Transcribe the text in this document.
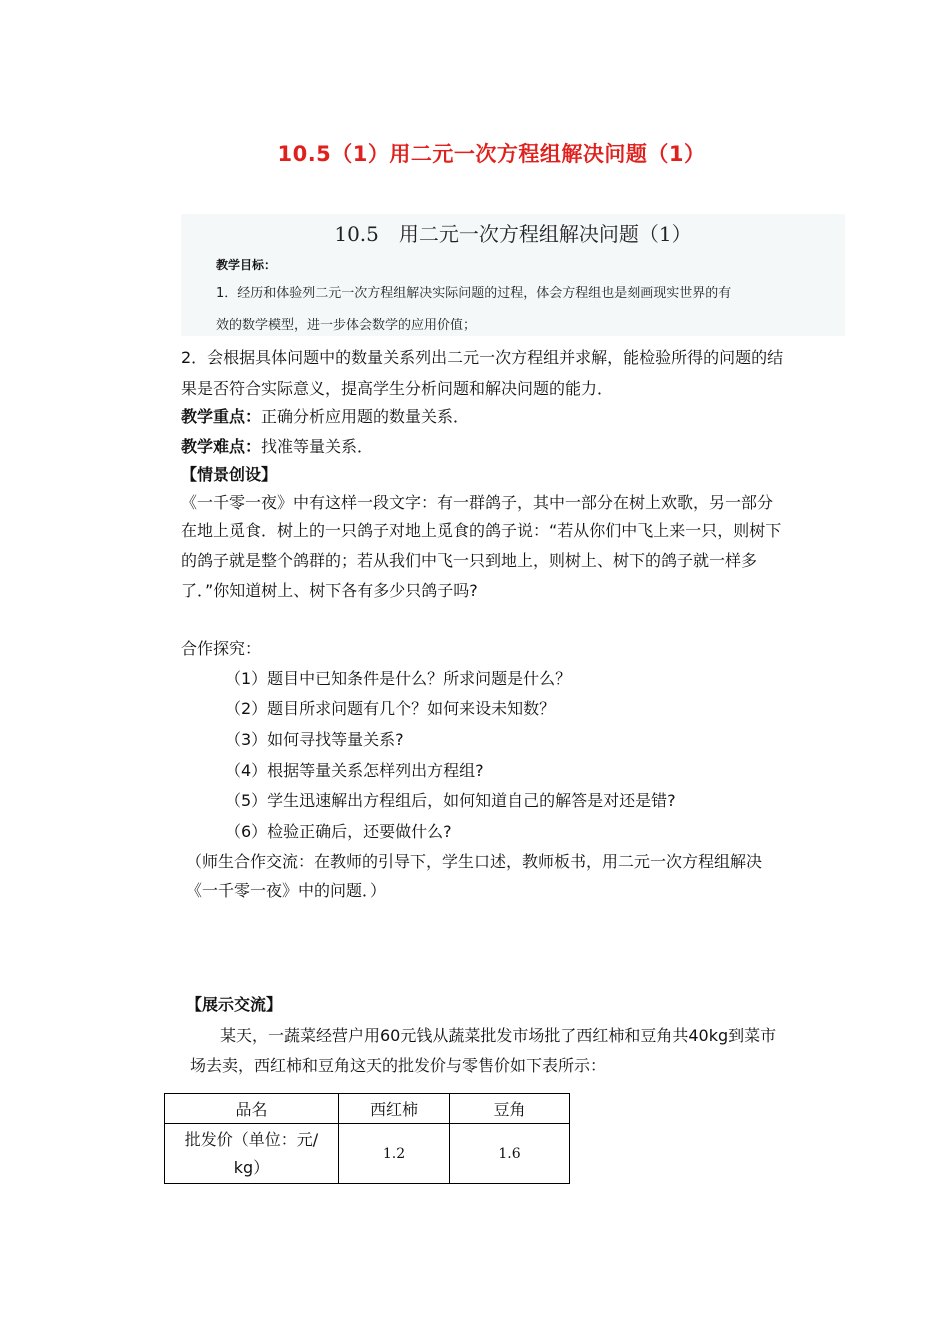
10.5（1）用二元一次方程组解决问题（1）
10.5　用二元一次方程组解决问题（1）
教学目标：
1．经历和体验列二元一次方程组解决实际问题的过程，体会方程组也是刻画现实世界的有
效的数学模型，进一步体会数学的应用价值；
2．会根据具体问题中的数量关系列出二元一次方程组并求解，能检验所得的问题的结
果是否符合实际意义，提高学生分析问题和解决问题的能力．
教学重点：正确分析应用题的数量关系．
教学难点：找准等量关系．
【情景创设】
《一千零一夜》中有这样一段文字：有一群鸽子，其中一部分在树上欢歌，另一部分
在地上觅食．树上的一只鸽子对地上觅食的鸽子说：“若从你们中飞上来一只，则树下
的鸽子就是整个鸽群的；若从我们中飞一只到地上，则树上、树下的鸽子就一样多
了．”你知道树上、树下各有多少只鸽子吗?
合作探究：
（1）题目中已知条件是什么？所求问题是什么？
（2）题目所求问题有几个？如何来设未知数？
（3）如何寻找等量关系?
（4）根据等量关系怎样列出方程组?
（5）学生迅速解出方程组后，如何知道自己的解答是对还是错?
（6）检验正确后，还要做什么?
（师生合作交流：在教师的引导下，学生口述，教师板书，用二元一次方程组解决
《一千零一夜》中的问题．）
【展示交流】
某天，一蔬菜经营户用60元钱从蔬菜批发市场批了西红柿和豆角共40kg到菜市
场去卖，西红柿和豆角这天的批发价与零售价如下表所示：
品名	西红柿	豆角

批发价（单位：元/
kg）	1.2	1.6
